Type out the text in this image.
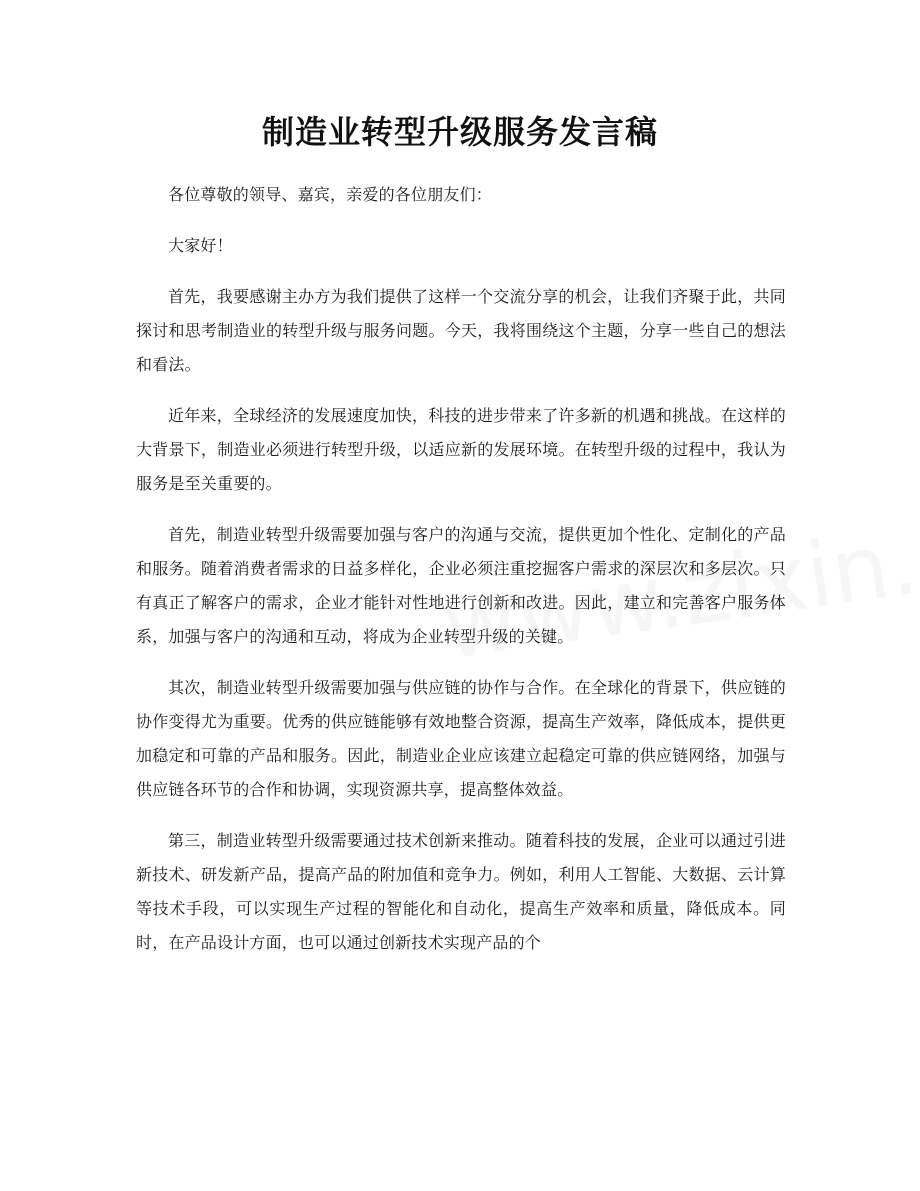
制造业转型升级服务发言稿

各位尊敬的领导、嘉宾，亲爱的各位朋友们：

大家好！

首先，我要感谢主办方为我们提供了这样一个交流分享的机会，让我们齐聚于此，共同探讨和思考制造业的转型升级与服务问题。今天，我将围绕这个主题，分享一些自己的想法和看法。

近年来，全球经济的发展速度加快，科技的进步带来了许多新的机遇和挑战。在这样的大背景下，制造业必须进行转型升级，以适应新的发展环境。在转型升级的过程中，我认为服务是至关重要的。

首先，制造业转型升级需要加强与客户的沟通与交流，提供更加个性化、定制化的产品和服务。随着消费者需求的日益多样化，企业必须注重挖掘客户需求的深层次和多层次。只有真正了解客户的需求，企业才能针对性地进行创新和改进。因此，建立和完善客户服务体系，加强与客户的沟通和互动，将成为企业转型升级的关键。

其次，制造业转型升级需要加强与供应链的协作与合作。在全球化的背景下，供应链的协作变得尤为重要。优秀的供应链能够有效地整合资源，提高生产效率，降低成本，提供更加稳定和可靠的产品和服务。因此，制造业企业应该建立起稳定可靠的供应链网络，加强与供应链各环节的合作和协调，实现资源共享，提高整体效益。

第三，制造业转型升级需要通过技术创新来推动。随着科技的发展，企业可以通过引进新技术、研发新产品，提高产品的附加值和竞争力。例如，利用人工智能、大数据、云计算等技术手段，可以实现生产过程的智能化和自动化，提高生产效率和质量，降低成本。同时，在产品设计方面，也可以通过创新技术实现产品的个
